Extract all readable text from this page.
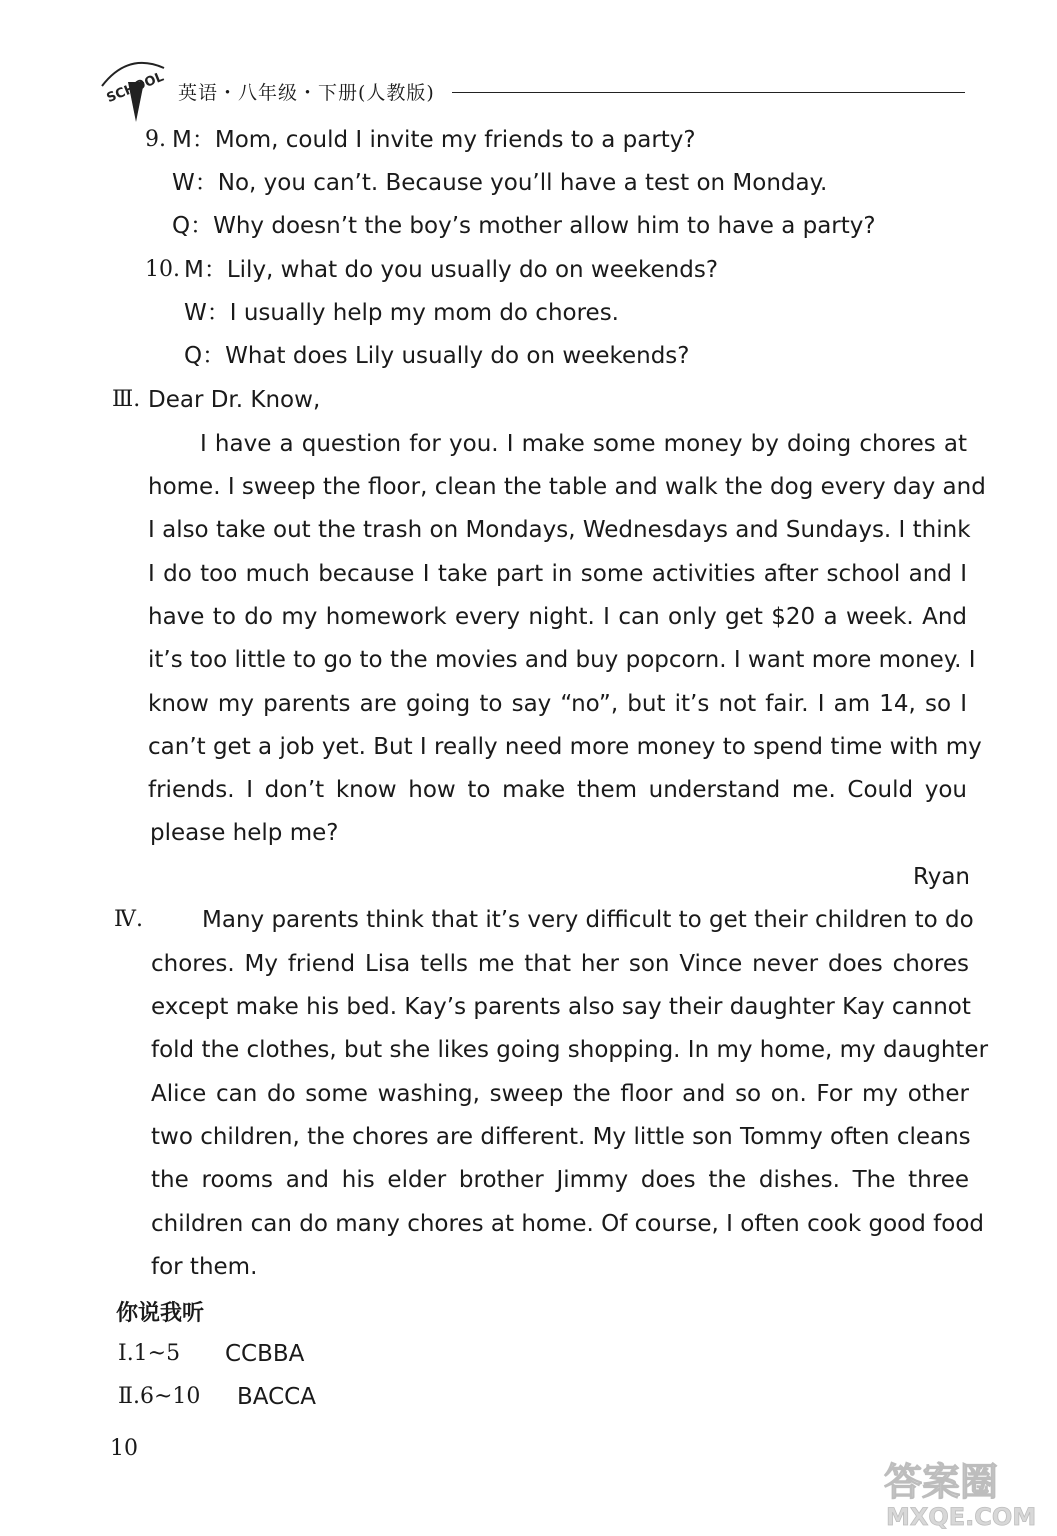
SCHOOL 英语・八年级・下册(人教版)
9. M：Mom, could I invite my friends to a party?
W：No, you can’t. Because you’ll have a test on Monday.
Q：Why doesn’t the boy’s mother allow him to have a party?
10. M：Lily, what do you usually do on weekends?
W：I usually help my mom do chores.
Q：What does Lily usually do on weekends?
Ⅲ. Dear Dr. Know,
I have a question for you. I make some money by doing chores at
home. I sweep the floor, clean the table and walk the dog every day and
I also take out the trash on Mondays, Wednesdays and Sundays. I think
I do too much because I take part in some activities after school and I
have to do my homework every night. I can only get $20 a week. And
it’s too little to go to the movies and buy popcorn. I want more money. I
know my parents are going to say “no”, but it’s not fair. I am 14, so I
can’t get a job yet. But I really need more money to spend time with my
friends. I don’t know how to make them understand me. Could you
please help me?
Ryan
Ⅳ.	Many parents think that it’s very difficult to get their children to do
chores. My friend Lisa tells me that her son Vince never does chores
except make his bed. Kay’s parents also say their daughter Kay cannot
fold the clothes, but she likes going shopping. In my home, my daughter
Alice can do some washing, sweep the floor and so on. For my other
two children, the chores are different. My little son Tommy often cleans
the rooms and his elder brother Jimmy does the dishes. The three
children can do many chores at home. Of course, I often cook good food
for them.
你说我听
Ⅰ.1~5 CCBBA
Ⅱ.6~10 BACCA
10
答案圈
MXQE.COM
